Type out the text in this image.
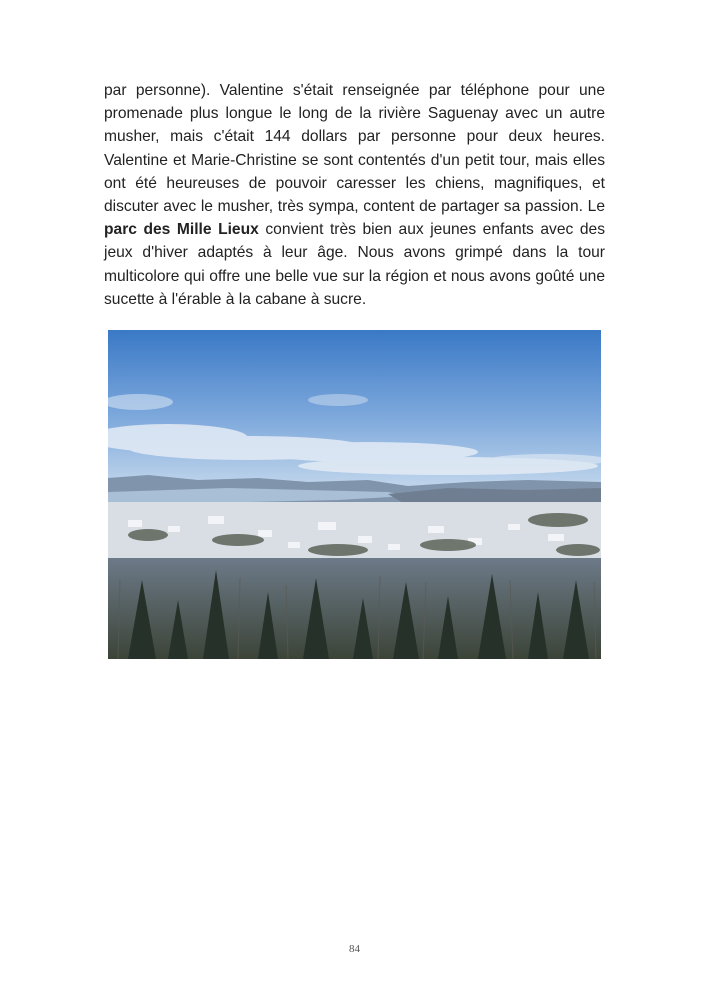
par personne). Valentine s'était renseignée par téléphone pour une promenade plus longue le long de la rivière Saguenay avec un autre musher, mais c'était 144 dollars par personne pour deux heures. Valentine et Marie-Christine se sont contentés d'un petit tour, mais elles ont été heureuses de pouvoir caresser les chiens, magnifiques, et discuter avec le musher, très sympa, content de partager sa passion. Le parc des Mille Lieux convient très bien aux jeunes enfants avec des jeux d'hiver adaptés à leur âge. Nous avons grimpé dans la tour multicolore qui offre une belle vue sur la région et nous avons goûté une sucette à l'érable à la cabane à sucre.

84
